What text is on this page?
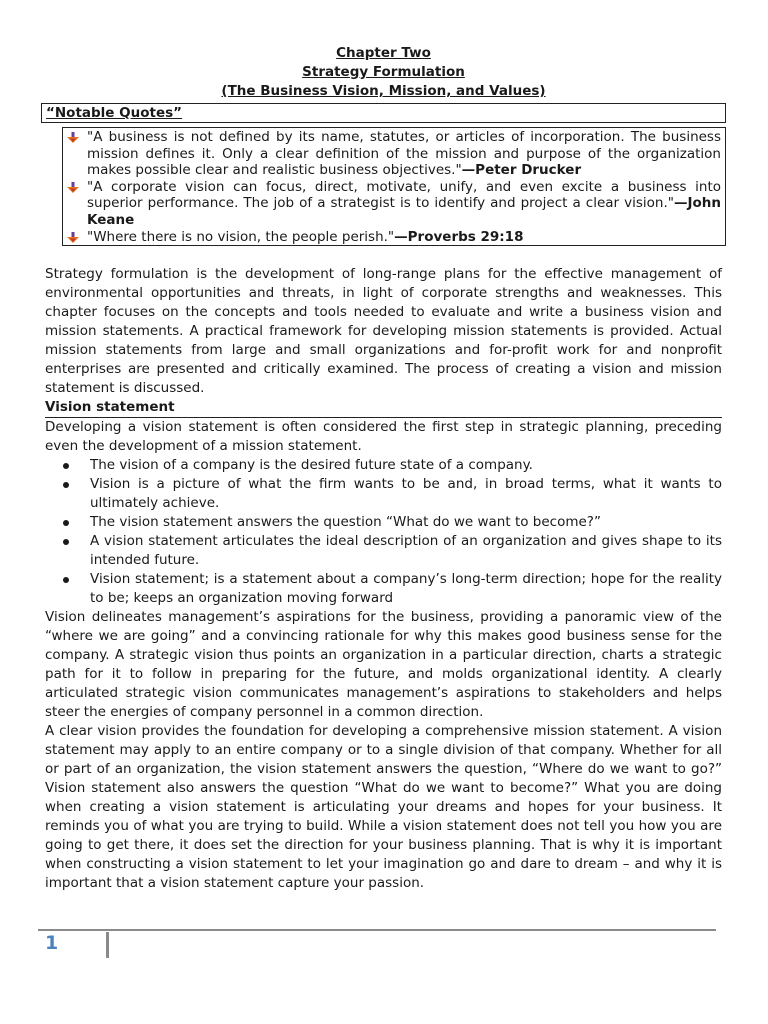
Chapter Two
Strategy Formulation
(The Business Vision, Mission, and Values)
“Notable Quotes”
"A business is not defined by its name, statutes, or articles of incorporation. The business mission defines it. Only a clear definition of the mission and purpose of the organization makes possible clear and realistic business objectives."—Peter Drucker
"A corporate vision can focus, direct, motivate, unify, and even excite a business into superior performance. The job of a strategist is to identify and project a clear vision."—John Keane
"Where there is no vision, the people perish."—Proverbs 29:18

Strategy formulation is the development of long-range plans for the effective management of environmental opportunities and threats, in light of corporate strengths and weaknesses. This chapter focuses on the concepts and tools needed to evaluate and write a business vision and mission statements. A practical framework for developing mission statements is provided. Actual mission statements from large and small organizations and for-profit work for and nonprofit enterprises are presented and critically examined. The process of creating a vision and mission statement is discussed.

Vision statement

Developing a vision statement is often considered the first step in strategic planning, preceding even the development of a mission statement.

The vision of a company is the desired future state of a company.
Vision is a picture of what the firm wants to be and, in broad terms, what it wants to ultimately achieve.
The vision statement answers the question “What do we want to become?”
A vision statement articulates the ideal description of an organization and gives shape to its intended future.
Vision statement; is a statement about a company’s long-term direction; hope for the reality to be; keeps an organization moving forward

Vision delineates management’s aspirations for the business, providing a panoramic view of the “where we are going” and a convincing rationale for why this makes good business sense for the company. A strategic vision thus points an organization in a particular direction, charts a strategic path for it to follow in preparing for the future, and molds organizational identity. A clearly articulated strategic vision communicates management’s aspirations to stakeholders and helps steer the energies of company personnel in a common direction.

A clear vision provides the foundation for developing a comprehensive mission statement. A vision statement may apply to an entire company or to a single division of that company. Whether for all or part of an organization, the vision statement answers the question, “Where do we want to go?” Vision statement also answers the question “What do we want to become?” What you are doing when creating a vision statement is articulating your dreams and hopes for your business. It reminds you of what you are trying to build. While a vision statement does not tell you how you are going to get there, it does set the direction for your business planning. That is why it is important when constructing a vision statement to let your imagination go and dare to dream – and why it is important that a vision statement capture your passion.

1
